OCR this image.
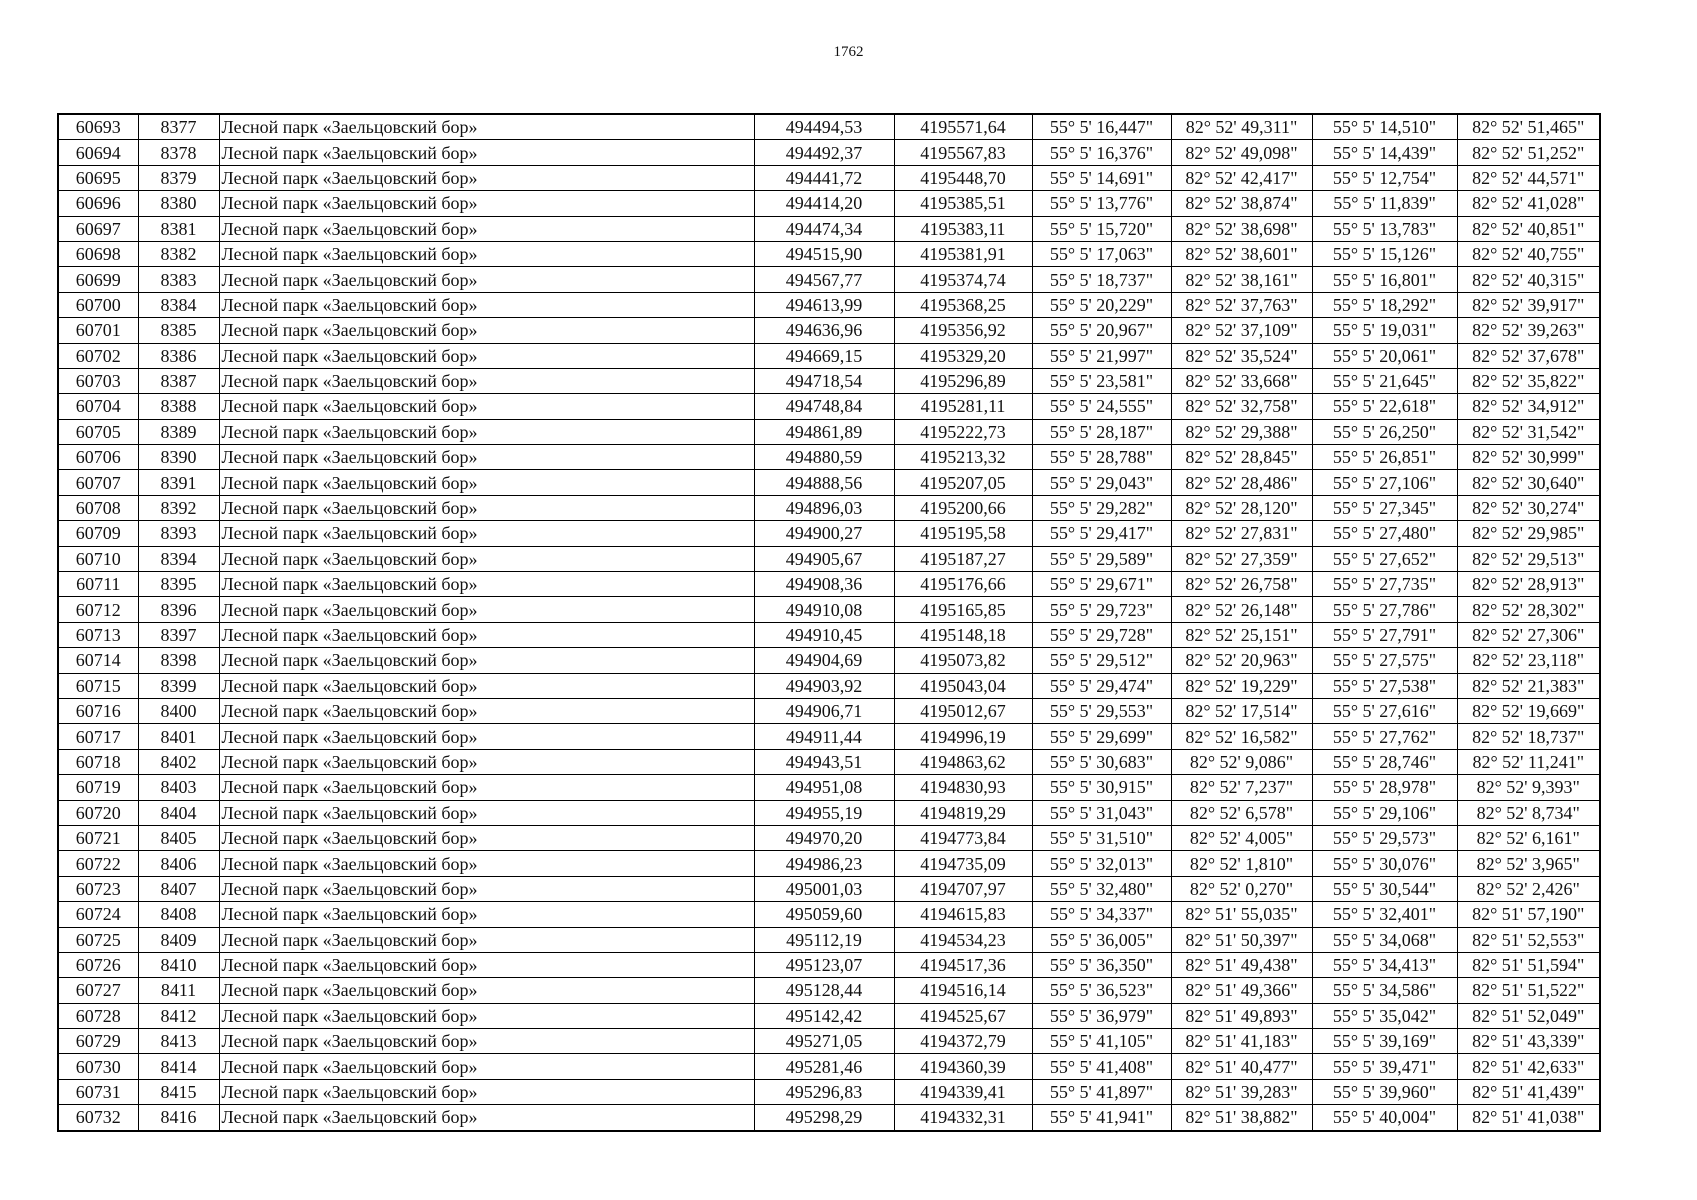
1762
60693	8377	Лесной парк «Заельцовский бор»	494494,53	4195571,64	55° 5' 16,447"	82° 52' 49,311"	55° 5' 14,510"	82° 52' 51,465"
60694	8378	Лесной парк «Заельцовский бор»	494492,37	4195567,83	55° 5' 16,376"	82° 52' 49,098"	55° 5' 14,439"	82° 52' 51,252"
60695	8379	Лесной парк «Заельцовский бор»	494441,72	4195448,70	55° 5' 14,691"	82° 52' 42,417"	55° 5' 12,754"	82° 52' 44,571"
60696	8380	Лесной парк «Заельцовский бор»	494414,20	4195385,51	55° 5' 13,776"	82° 52' 38,874"	55° 5' 11,839"	82° 52' 41,028"
60697	8381	Лесной парк «Заельцовский бор»	494474,34	4195383,11	55° 5' 15,720"	82° 52' 38,698"	55° 5' 13,783"	82° 52' 40,851"
60698	8382	Лесной парк «Заельцовский бор»	494515,90	4195381,91	55° 5' 17,063"	82° 52' 38,601"	55° 5' 15,126"	82° 52' 40,755"
60699	8383	Лесной парк «Заельцовский бор»	494567,77	4195374,74	55° 5' 18,737"	82° 52' 38,161"	55° 5' 16,801"	82° 52' 40,315"
60700	8384	Лесной парк «Заельцовский бор»	494613,99	4195368,25	55° 5' 20,229"	82° 52' 37,763"	55° 5' 18,292"	82° 52' 39,917"
60701	8385	Лесной парк «Заельцовский бор»	494636,96	4195356,92	55° 5' 20,967"	82° 52' 37,109"	55° 5' 19,031"	82° 52' 39,263"
60702	8386	Лесной парк «Заельцовский бор»	494669,15	4195329,20	55° 5' 21,997"	82° 52' 35,524"	55° 5' 20,061"	82° 52' 37,678"
60703	8387	Лесной парк «Заельцовский бор»	494718,54	4195296,89	55° 5' 23,581"	82° 52' 33,668"	55° 5' 21,645"	82° 52' 35,822"
60704	8388	Лесной парк «Заельцовский бор»	494748,84	4195281,11	55° 5' 24,555"	82° 52' 32,758"	55° 5' 22,618"	82° 52' 34,912"
60705	8389	Лесной парк «Заельцовский бор»	494861,89	4195222,73	55° 5' 28,187"	82° 52' 29,388"	55° 5' 26,250"	82° 52' 31,542"
60706	8390	Лесной парк «Заельцовский бор»	494880,59	4195213,32	55° 5' 28,788"	82° 52' 28,845"	55° 5' 26,851"	82° 52' 30,999"
60707	8391	Лесной парк «Заельцовский бор»	494888,56	4195207,05	55° 5' 29,043"	82° 52' 28,486"	55° 5' 27,106"	82° 52' 30,640"
60708	8392	Лесной парк «Заельцовский бор»	494896,03	4195200,66	55° 5' 29,282"	82° 52' 28,120"	55° 5' 27,345"	82° 52' 30,274"
60709	8393	Лесной парк «Заельцовский бор»	494900,27	4195195,58	55° 5' 29,417"	82° 52' 27,831"	55° 5' 27,480"	82° 52' 29,985"
60710	8394	Лесной парк «Заельцовский бор»	494905,67	4195187,27	55° 5' 29,589"	82° 52' 27,359"	55° 5' 27,652"	82° 52' 29,513"
60711	8395	Лесной парк «Заельцовский бор»	494908,36	4195176,66	55° 5' 29,671"	82° 52' 26,758"	55° 5' 27,735"	82° 52' 28,913"
60712	8396	Лесной парк «Заельцовский бор»	494910,08	4195165,85	55° 5' 29,723"	82° 52' 26,148"	55° 5' 27,786"	82° 52' 28,302"
60713	8397	Лесной парк «Заельцовский бор»	494910,45	4195148,18	55° 5' 29,728"	82° 52' 25,151"	55° 5' 27,791"	82° 52' 27,306"
60714	8398	Лесной парк «Заельцовский бор»	494904,69	4195073,82	55° 5' 29,512"	82° 52' 20,963"	55° 5' 27,575"	82° 52' 23,118"
60715	8399	Лесной парк «Заельцовский бор»	494903,92	4195043,04	55° 5' 29,474"	82° 52' 19,229"	55° 5' 27,538"	82° 52' 21,383"
60716	8400	Лесной парк «Заельцовский бор»	494906,71	4195012,67	55° 5' 29,553"	82° 52' 17,514"	55° 5' 27,616"	82° 52' 19,669"
60717	8401	Лесной парк «Заельцовский бор»	494911,44	4194996,19	55° 5' 29,699"	82° 52' 16,582"	55° 5' 27,762"	82° 52' 18,737"
60718	8402	Лесной парк «Заельцовский бор»	494943,51	4194863,62	55° 5' 30,683"	82° 52' 9,086"	55° 5' 28,746"	82° 52' 11,241"
60719	8403	Лесной парк «Заельцовский бор»	494951,08	4194830,93	55° 5' 30,915"	82° 52' 7,237"	55° 5' 28,978"	82° 52' 9,393"
60720	8404	Лесной парк «Заельцовский бор»	494955,19	4194819,29	55° 5' 31,043"	82° 52' 6,578"	55° 5' 29,106"	82° 52' 8,734"
60721	8405	Лесной парк «Заельцовский бор»	494970,20	4194773,84	55° 5' 31,510"	82° 52' 4,005"	55° 5' 29,573"	82° 52' 6,161"
60722	8406	Лесной парк «Заельцовский бор»	494986,23	4194735,09	55° 5' 32,013"	82° 52' 1,810"	55° 5' 30,076"	82° 52' 3,965"
60723	8407	Лесной парк «Заельцовский бор»	495001,03	4194707,97	55° 5' 32,480"	82° 52' 0,270"	55° 5' 30,544"	82° 52' 2,426"
60724	8408	Лесной парк «Заельцовский бор»	495059,60	4194615,83	55° 5' 34,337"	82° 51' 55,035"	55° 5' 32,401"	82° 51' 57,190"
60725	8409	Лесной парк «Заельцовский бор»	495112,19	4194534,23	55° 5' 36,005"	82° 51' 50,397"	55° 5' 34,068"	82° 51' 52,553"
60726	8410	Лесной парк «Заельцовский бор»	495123,07	4194517,36	55° 5' 36,350"	82° 51' 49,438"	55° 5' 34,413"	82° 51' 51,594"
60727	8411	Лесной парк «Заельцовский бор»	495128,44	4194516,14	55° 5' 36,523"	82° 51' 49,366"	55° 5' 34,586"	82° 51' 51,522"
60728	8412	Лесной парк «Заельцовский бор»	495142,42	4194525,67	55° 5' 36,979"	82° 51' 49,893"	55° 5' 35,042"	82° 51' 52,049"
60729	8413	Лесной парк «Заельцовский бор»	495271,05	4194372,79	55° 5' 41,105"	82° 51' 41,183"	55° 5' 39,169"	82° 51' 43,339"
60730	8414	Лесной парк «Заельцовский бор»	495281,46	4194360,39	55° 5' 41,408"	82° 51' 40,477"	55° 5' 39,471"	82° 51' 42,633"
60731	8415	Лесной парк «Заельцовский бор»	495296,83	4194339,41	55° 5' 41,897"	82° 51' 39,283"	55° 5' 39,960"	82° 51' 41,439"
60732	8416	Лесной парк «Заельцовский бор»	495298,29	4194332,31	55° 5' 41,941"	82° 51' 38,882"	55° 5' 40,004"	82° 51' 41,038"
